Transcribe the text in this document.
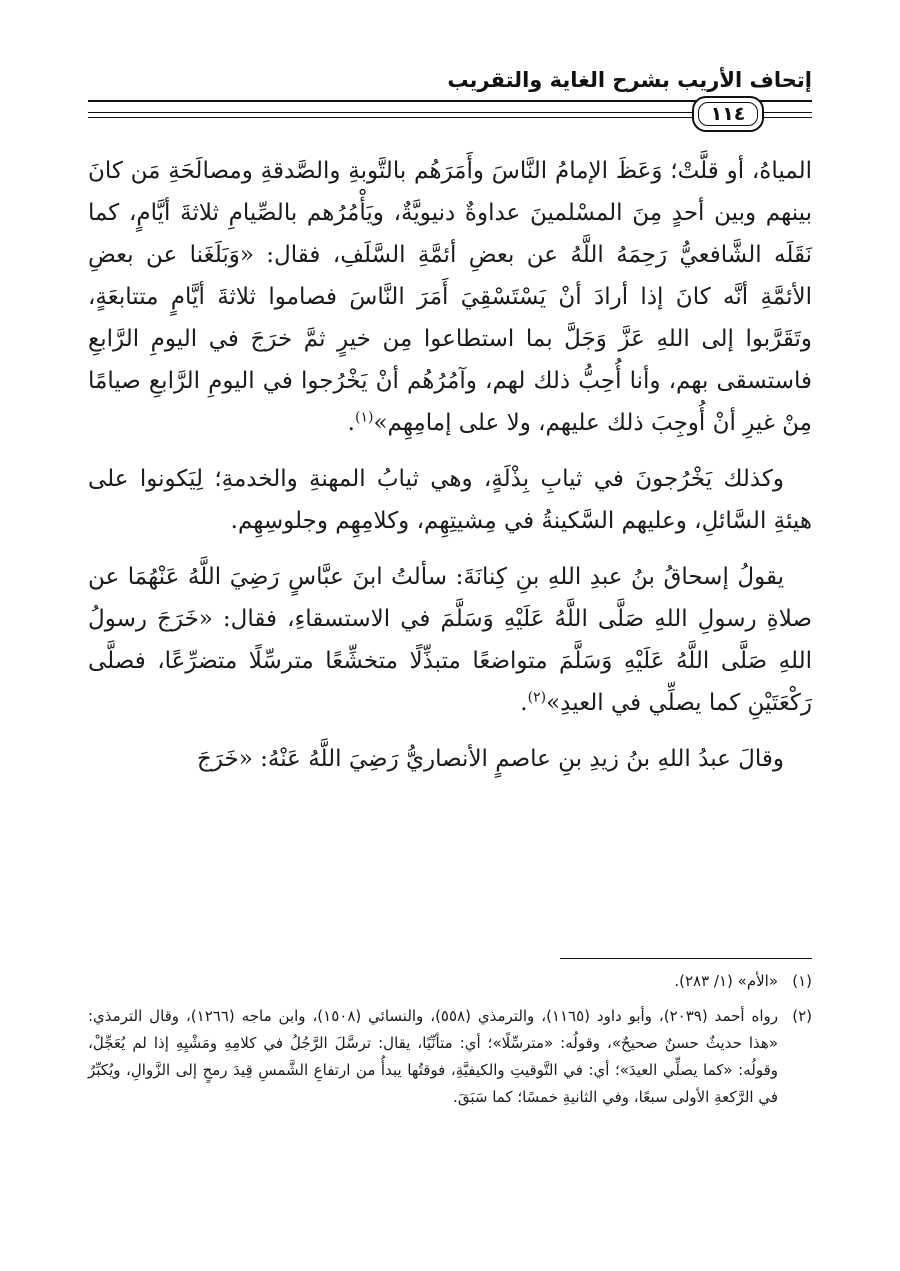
إتحاف الأريب بشرح الغاية والتقريب
١١٤

المياهُ، أو قلَّتْ؛ وَعَظَ الإمامُ النَّاسَ وأَمَرَهُم بالتَّوبةِ والصَّدقةِ ومصالَحَةِ مَن كانَ بينهم وبين أحدٍ مِنَ المسْلمينَ عداوةٌ دنيويَّةٌ، ويَأْمُرُهم بالصِّيامِ ثلاثةَ أيَّامٍ، كما نَقَلَه الشَّافعيُّ رَحِمَهُ اللَّهُ عن بعضِ أئمَّةِ السَّلَفِ، فقال: «وَبَلَغَنا عن بعضِ الأئمَّةِ أنَّه كانَ إذا أرادَ أنْ يَسْتَسْقِيَ أَمَرَ النَّاسَ فصاموا ثلاثةَ أيَّامٍ متتابعَةٍ، وتَقَرَّبوا إلى اللهِ عَزَّ وَجَلَّ بما استطاعوا مِن خيرٍ ثمَّ خرَجَ في اليومِ الرَّابعِ فاستسقى بهم، وأنا أُحِبُّ ذلك لهم، وآمُرُهُم أنْ يَخْرُجوا في اليومِ الرَّابعِ صيامًا مِنْ غيرِ أنْ أُوجِبَ ذلك عليهم، ولا على إمامِهِم»$^{(١)}$.

وكذلك يَخْرُجونَ في ثيابِ بِذْلَةٍ، وهي ثيابُ المهنةِ والخدمةِ؛ لِيَكونوا على هيئةِ السَّائلِ، وعليهم السَّكينةُ في مِشيتِهِم، وكلامِهِم وجلوسِهِم.

يقولُ إسحاقُ بنُ عبدِ اللهِ بنِ كِنانَةَ: سألتُ ابنَ عبَّاسٍ رَضِيَ اللَّهُ عَنْهُمَا عن صلاةِ رسولِ اللهِ صَلَّى اللَّهُ عَلَيْهِ وَسَلَّمَ في الاستسقاءِ، فقال: «خَرَجَ رسولُ اللهِ صَلَّى اللَّهُ عَلَيْهِ وَسَلَّمَ متواضعًا متبذِّلًا متخشِّعًا مترسِّلًا متضرِّعًا، فصلَّى رَكْعَتَيْنِ كما يصلِّي في العيدِ»$^{(٢)}$.

وقالَ عبدُ اللهِ بنُ زيدِ بنِ عاصمٍ الأنصاريُّ رَضِيَ اللَّهُ عَنْهُ: «خَرَجَ

(١)
«الأم» (١/ ٢٨٣).
(٢)
رواه أحمد (٢٠٣٩)، وأبو داود (١١٦٥)، والترمذي (٥٥٨)، والنسائي (١٥٠٨)، وابن ماجه (١٢٦٦)، وقال الترمذي: «هذا حديثٌ حسنٌ صحيحٌ»، وقولُه: «مترسِّلًا»؛ أي: متأنِّيًا، يقال: ترسَّلَ الرَّجُلُ في كلامِهِ ومَشْيِهِ إذا لم يُعَجِّلْ، وقولُه: «كما يصلِّي العيدَ»؛ أي: في التَّوقيتِ والكيفيَّةِ، فوقتُها يبدأُ من ارتفاعِ الشَّمسِ قِيدَ رمحٍ إلى الزَّوالِ، ويُكبِّرُ في الرَّكعةِ الأولى سبعًا، وفي الثانيةِ خمسًا؛ كما سَبَقَ.
